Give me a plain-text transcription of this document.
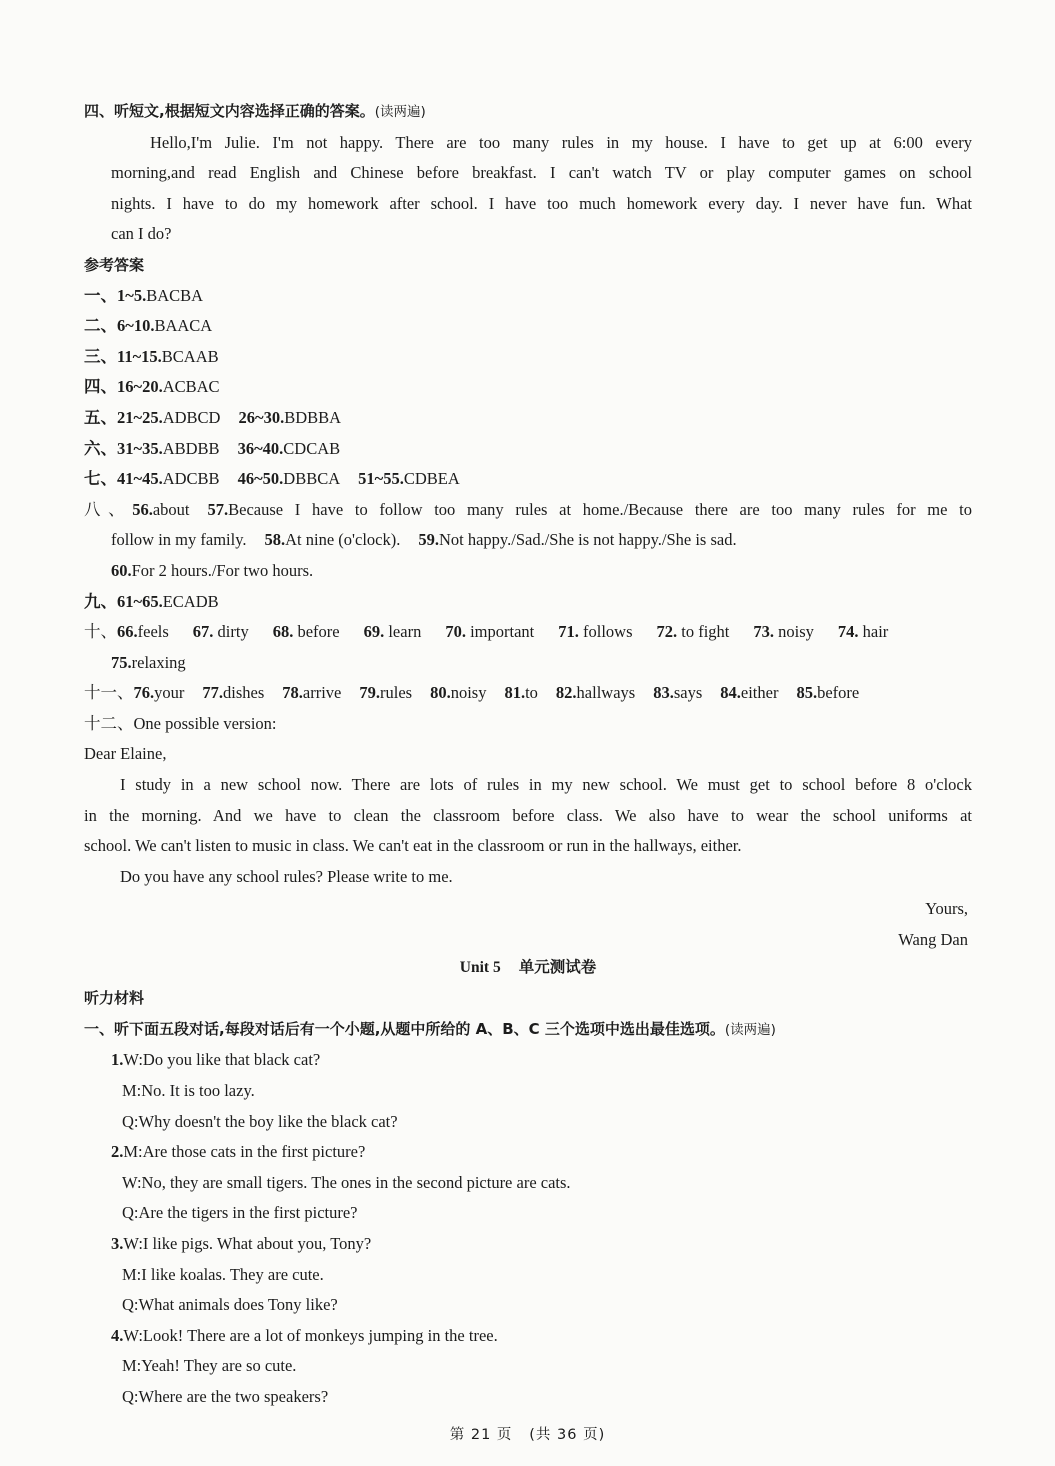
四、听短文,根据短文内容选择正确的答案。(读两遍)
Hello,I'm Julie. I'm not happy. There are too many rules in my house. I have to get up at 6:00 every
morning,and read English and Chinese before breakfast. I can't watch TV or play computer games on school
nights. I have to do my homework after school. I have too much homework every day. I never have fun. What
can I do?
参考答案
一、1~5.BACBA
二、6~10.BAACA
三、11~15.BCAAB
四、16~20.ACBAC
五、21~25.ADBCD 26~30.BDBBA
六、31~35.ABDBB 36~40.CDCAB
七、41~45.ADCBB 46~50.DBBCA 51~55.CDBEA
八、56.about 57.Because I have to follow too many rules at home./Because there are too many rules for me to
follow in my family. 58.At nine (o'clock). 59.Not happy./Sad./She is not happy./She is sad.
60.For 2 hours./For two hours.
九、61~65.ECADB
十、66.feels 67. dirty 68. before 69. learn 70. important 71. follows 72. to fight 73. noisy 74. hair
75.relaxing
十一、76.your 77.dishes 78.arrive 79.rules 80.noisy 81.to 82.hallways 83.says 84.either 85.before
十二、One possible version:
Dear Elaine,
I study in a new school now. There are lots of rules in my new school. We must get to school before 8 o'clock
in the morning. And we have to clean the classroom before class. We also have to wear the school uniforms at
school. We can't listen to music in class. We can't eat in the classroom or run in the hallways, either.
Do you have any school rules? Please write to me.
Yours,
Wang Dan
Unit 5 单元测试卷
听力材料
一、听下面五段对话,每段对话后有一个小题,从题中所给的 A、B、C 三个选项中选出最佳选项。(读两遍)
1.W:Do you like that black cat?
M:No. It is too lazy.
Q:Why doesn't the boy like the black cat?
2.M:Are those cats in the first picture?
W:No, they are small tigers. The ones in the second picture are cats.
Q:Are the tigers in the first picture?
3.W:I like pigs. What about you, Tony?
M:I like koalas. They are cute.
Q:What animals does Tony like?
4.W:Look! There are a lot of monkeys jumping in the tree.
M:Yeah! They are so cute.
Q:Where are the two speakers?
第 21 页 (共 36 页)
